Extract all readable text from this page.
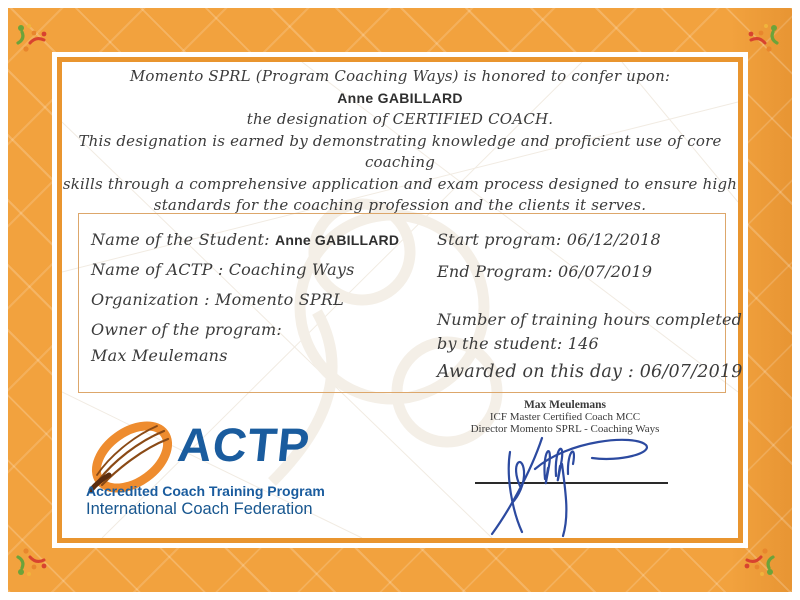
Momento SPRL (Program Coaching Ways) is honored to confer upon:
Anne GABILLARD
the designation of CERTIFIED COACH.
This designation is earned by demonstrating knowledge and proficient use of core coaching
skills through a comprehensive application and exam process designed to ensure high
standards for the coaching profession and the clients it serves.
Name of the Student: Anne GABILLARD
Name of ACTP : Coaching Ways
Organization : Momento SPRL
Owner of the program:
Max Meulemans
Start program: 06/12/2018
End Program: 06/07/2019
Number of training hours completed
by the student: 146
Awarded on this day : 06/07/2019
ACTP
Accredited Coach Training Program
International Coach Federation
Max Meulemans
ICF Master Certified Coach MCC
Director Momento SPRL - Coaching Ways
